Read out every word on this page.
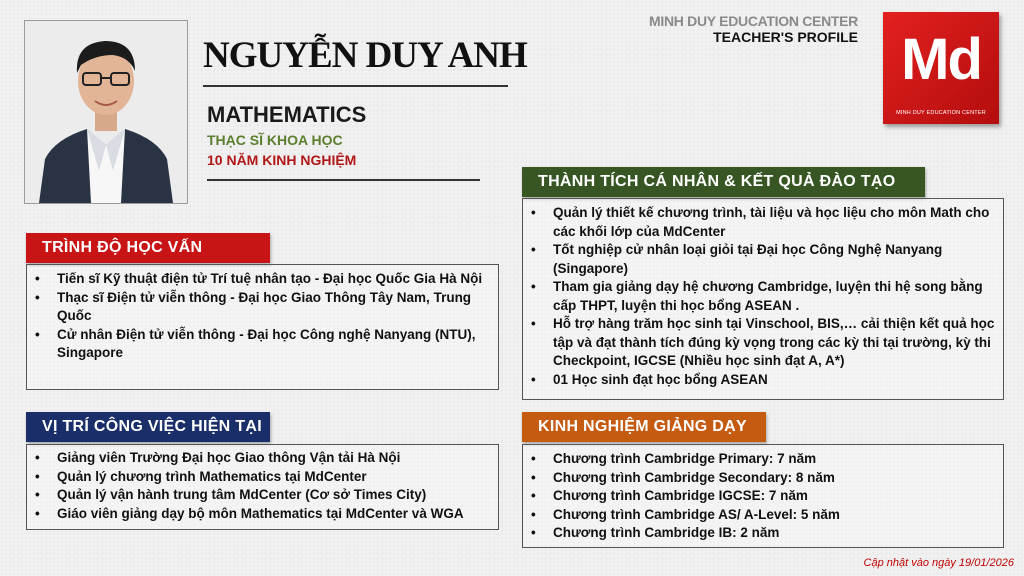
NGUYỄN DUY ANH
MATHEMATICS
THẠC SĨ KHOA HỌC
10 NĂM KINH NGHIỆM
MINH DUY EDUCATION CENTER
TEACHER'S PROFILE Md
MINH DUY EDUCATION CENTER
TRÌNH ĐỘ HỌC VẤN
• Tiến sĩ Kỹ thuật điện tử Trí tuệ nhân tạo - Đại học Quốc Gia Hà Nội
• Thạc sĩ Điện tử viễn thông - Đại học Giao Thông Tây Nam, Trung Quốc
• Cử nhân Điện tử viễn thông - Đại học Công nghệ Nanyang (NTU), Singapore
VỊ TRÍ CÔNG VIỆC HIỆN TẠI
• Giảng viên Trường Đại học Giao thông Vận tải Hà Nội
• Quản lý chương trình Mathematics tại MdCenter
• Quản lý vận hành trung tâm MdCenter (Cơ sở Times City)
• Giáo viên giảng dạy bộ môn Mathematics tại MdCenter và WGA
THÀNH TÍCH CÁ NHÂN & KẾT QUẢ ĐÀO TẠO
• Quản lý thiết kế chương trình, tài liệu và học liệu cho môn Math cho các khối lớp của MdCenter
• Tốt nghiệp cử nhân loại giỏi tại Đại học Công Nghệ Nanyang (Singapore)
• Tham gia giảng dạy hệ chương Cambridge, luyện thi hệ song bằng cấp THPT, luyện thi học bổng ASEAN .
• Hỗ trợ hàng trăm học sinh tại Vinschool, BIS,… cải thiện kết quả học tập và đạt thành tích đúng kỳ vọng trong các kỳ thi tại trường, kỳ thi Checkpoint, IGCSE (Nhiều học sinh đạt A, A*)
• 01 Học sinh đạt học bổng ASEAN
KINH NGHIỆM GIẢNG DẠY
• Chương trình Cambridge Primary: 7 năm
• Chương trình Cambridge Secondary: 8 năm
• Chương trình Cambridge IGCSE: 7 năm
• Chương trình Cambridge AS/ A-Level: 5 năm
• Chương trình Cambridge IB: 2 năm
Cập nhật vào ngày 19/01/2026
